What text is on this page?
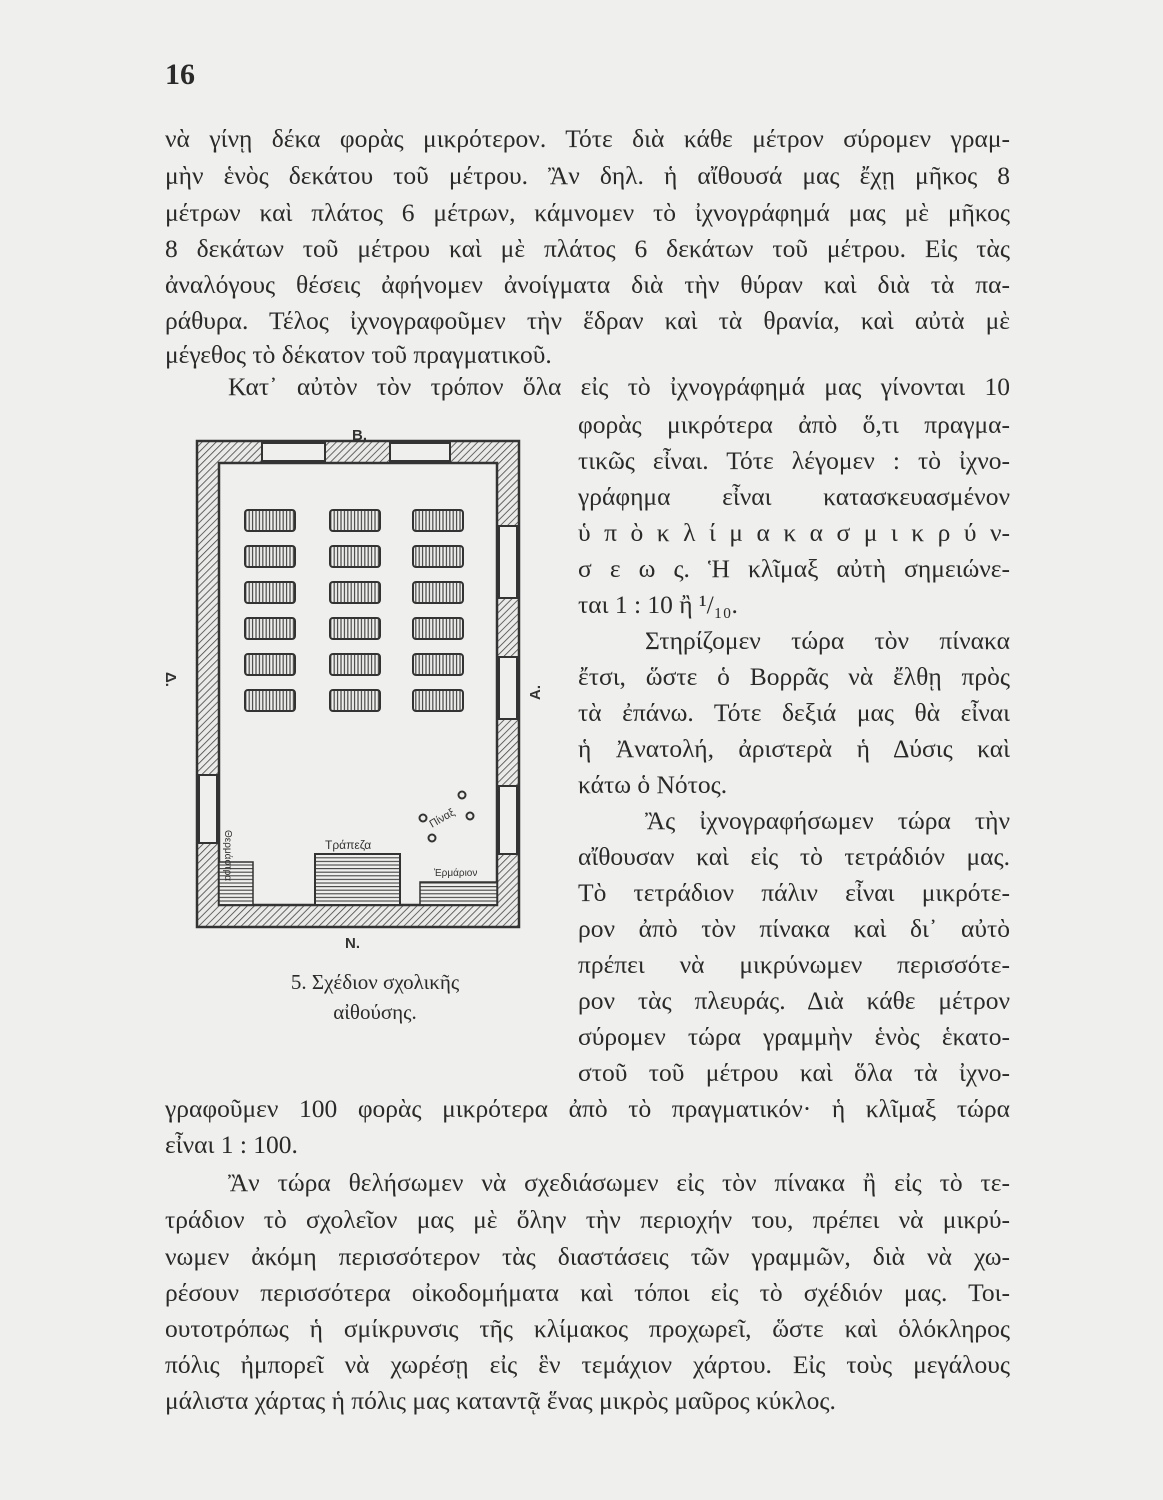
16
νὰ γίνῃ δέκα φορὰς μικρότερον. Τότε διὰ κάθε μέτρον σύρομεν γραμ-
μὴν ἑνὸς δεκάτου τοῦ μέτρου. Ἂν δηλ. ἡ αἴθουσά μας ἔχῃ μῆκος 8
μέτρων καὶ πλάτος 6 μέτρων, κάμνομεν τὸ ἰχνογράφημά μας μὲ μῆκος
8 δεκάτων τοῦ μέτρου καὶ μὲ πλάτος 6 δεκάτων τοῦ μέτρου. Εἰς τὰς
ἀναλόγους θέσεις ἀφήνομεν ἀνοίγματα διὰ τὴν θύραν καὶ διὰ τὰ πα-
ράθυρα. Τέλος ἰχνογραφοῦμεν τὴν ἕδραν καὶ τὰ θρανία, καὶ αὐτὰ μὲ
μέγεθος τὸ δέκατον τοῦ πραγματικοῦ.
Κατ᾽ αὐτὸν τὸν τρόπον ὅλα εἰς τὸ ἰχνογράφημά μας γίνονται 10
φορὰς μικρότερα ἀπὸ ὅ,τι πραγμα-
τικῶς εἶναι. Τότε λέγομεν : τὸ ἰχνο-
γράφημα εἶναι κατασκευασμένον
ὑ π ὸ κ λ ί μ α κ α σ μ ι κ ρ ύ ν-
σ ε ω ς. Ἡ κλῖμαξ αὐτὴ σημειώνε-
ται 1 : 10 ἢ ¹/₁₀.
Στηρίζομεν τώρα τὸν πίνακα
ἔτσι, ὥστε ὁ Βορρᾶς νὰ ἔλθῃ πρὸς
τὰ ἐπάνω. Τότε δεξιά μας θὰ εἶναι
ἡ Ἀνατολή, ἀριστερὰ ἡ Δύσις καὶ
κάτω ὁ Νότος.
Ἂς ἰχνογραφήσωμεν τώρα τὴν
αἴθουσαν καὶ εἰς τὸ τετράδιόν μας.
Τὸ τετράδιον πάλιν εἶναι μικρότε-
ρον ἀπὸ τὸν πίνακα καὶ δι᾽ αὐτὸ
πρέπει νὰ μικρύνωμεν περισσότε-
ρον τὰς πλευράς. Διὰ κάθε μέτρον
σύρομεν τώρα γραμμὴν ἑνὸς ἑκατο-
στοῦ τοῦ μέτρου καὶ ὅλα τὰ ἰχνο-
γραφοῦμεν 100 φορὰς μικρότερα ἀπὸ τὸ πραγματικόν· ἡ κλῖμαξ τώρα
εἶναι 1 : 100.
Ἂν τώρα θελήσωμεν νὰ σχεδιάσωμεν εἰς τὸν πίνακα ἢ εἰς τὸ τε-
τράδιον τὸ σχολεῖον μας μὲ ὅλην τὴν περιοχήν του, πρέπει νὰ μικρύ-
νωμεν ἀκόμη περισσότερον τὰς διαστάσεις τῶν γραμμῶν, διὰ νὰ χω-
ρέσουν περισσότερα οἰκοδομήματα καὶ τόποι εἰς τὸ σχέδιόν μας. Τοι-
ουτοτρόπως ἡ σμίκρυνσις τῆς κλίμακος προχωρεῖ, ὥστε καὶ ὁλόκληρος
πόλις ἠμπορεῖ νὰ χωρέσῃ εἰς ἓν τεμάχιον χάρτου. Εἰς τοὺς μεγάλους
μάλιστα χάρτας ἡ πόλις μας καταντᾷ ἕνας μικρὸς μαῦρος κύκλος.
Β.
Ν.
Δ.
Α.
Θερμάστρα	Τράπεζα
Πίναξ
Ἑρμάριον
5. Σχέδιον σχολικῆς
αἰθούσης.
